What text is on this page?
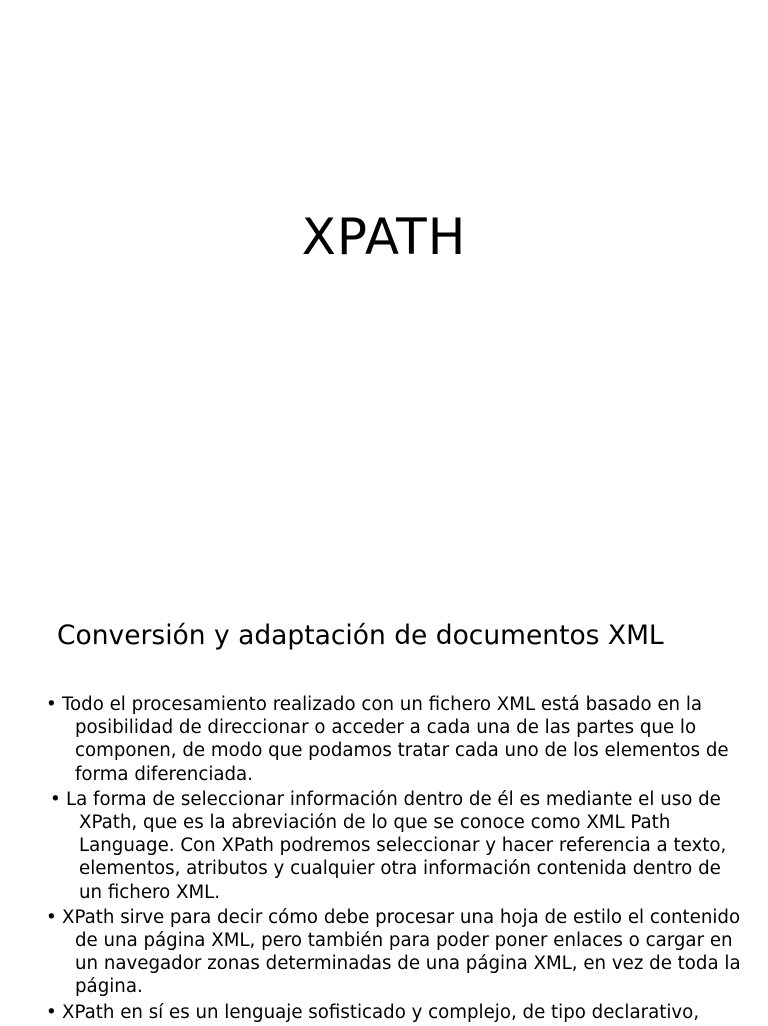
XPATH
Conversión y adaptación de documentos XML
• Todo el procesamiento realizado con un fichero XML está basado en la posibilidad de direccionar o acceder a cada una de las partes que lo componen, de modo que podamos tratar cada uno de los elementos de forma diferenciada.
• La forma de seleccionar información dentro de él es mediante el uso de XPath, que es la abreviación de lo que se conoce como XML Path Language. Con XPath podremos seleccionar y hacer referencia a texto, elementos, atributos y cualquier otra información contenida dentro de un fichero XML.
• XPath sirve para decir cómo debe procesar una hoja de estilo el contenido de una página XML, pero también para poder poner enlaces o cargar en un navegador zonas determinadas de una página XML, en vez de toda la página.
• XPath en sí es un lenguaje sofisticado y complejo, de tipo declarativo,
